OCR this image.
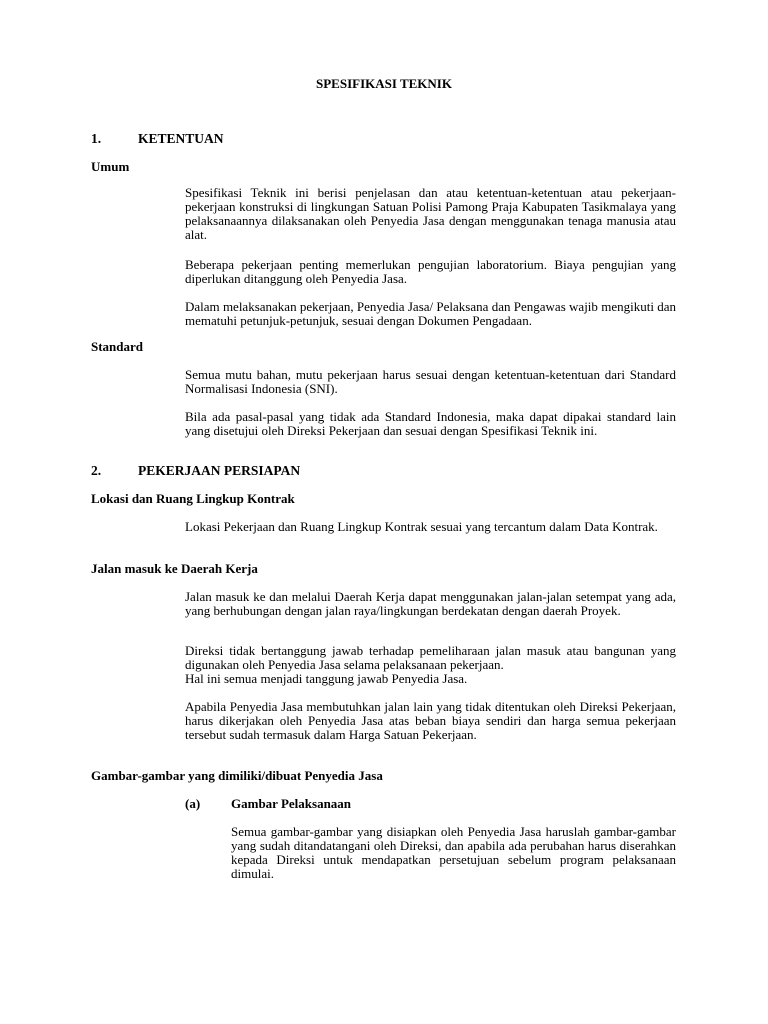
SPESIFIKASI TEKNIK
1.	KETENTUAN
Umum

Spesifikasi Teknik ini berisi penjelasan dan atau ketentuan-ketentuan atau pekerjaan-pekerjaan konstruksi di lingkungan Satuan Polisi Pamong Praja Kabupaten Tasikmalaya yang pelaksanaannya dilaksanakan oleh Penyedia Jasa dengan menggunakan tenaga manusia atau alat.

Beberapa pekerjaan penting memerlukan pengujian laboratorium. Biaya pengujian yang diperlukan ditanggung oleh Penyedia Jasa.

Dalam melaksanakan pekerjaan, Penyedia Jasa/ Pelaksana dan Pengawas wajib mengikuti dan mematuhi petunjuk-petunjuk, sesuai dengan Dokumen Pengadaan.

Standard

Semua mutu bahan, mutu pekerjaan harus sesuai dengan ketentuan-ketentuan dari Standard Normalisasi Indonesia (SNI).

Bila ada pasal-pasal yang tidak ada Standard Indonesia, maka dapat dipakai standard lain yang disetujui oleh Direksi Pekerjaan dan sesuai dengan Spesifikasi Teknik ini.

2.	PEKERJAAN PERSIAPAN
Lokasi dan Ruang Lingkup Kontrak

Lokasi Pekerjaan dan Ruang Lingkup Kontrak sesuai yang tercantum dalam Data Kontrak.

Jalan masuk ke Daerah Kerja

Jalan masuk ke dan melalui Daerah Kerja dapat menggunakan jalan-jalan setempat yang ada, yang berhubungan dengan jalan raya/lingkungan berdekatan dengan daerah Proyek.

Direksi tidak bertanggung jawab terhadap pemeliharaan jalan masuk atau bangunan yang digunakan oleh Penyedia Jasa selama pelaksanaan pekerjaan.

Hal ini semua menjadi tanggung jawab Penyedia Jasa.

Apabila Penyedia Jasa membutuhkan jalan lain yang tidak ditentukan oleh Direksi Pekerjaan, harus dikerjakan oleh Penyedia Jasa atas beban biaya sendiri dan harga semua pekerjaan tersebut sudah termasuk dalam Harga Satuan Pekerjaan.

Gambar-gambar yang dimiliki/dibuat Penyedia Jasa
(a) Gambar Pelaksanaan

Semua gambar-gambar yang disiapkan oleh Penyedia Jasa haruslah gambar-gambar yang sudah ditandatangani oleh Direksi, dan apabila ada perubahan harus diserahkan kepada Direksi untuk mendapatkan persetujuan sebelum program pelaksanaan dimulai.
